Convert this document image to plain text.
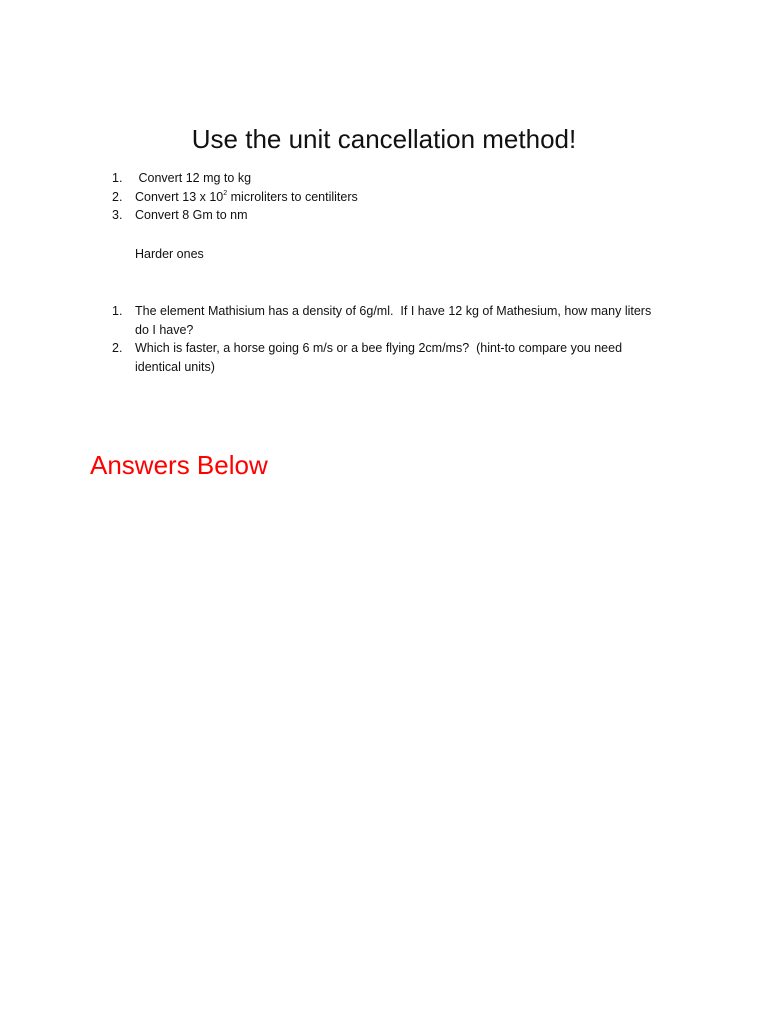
Use the unit cancellation method!
1. Convert 12 mg to kg
2. Convert 13 x $10^2$ microliters to centiliters
3. Convert 8 Gm to nm
Harder ones
1. The element Mathisium has a density of 6g/ml.  If I have 12 kg of Mathesium, how many liters
do I have?
2. Which is faster, a horse going 6 m/s or a bee flying 2cm/ms?  (hint-to compare you need
identical units)
Answers Below
